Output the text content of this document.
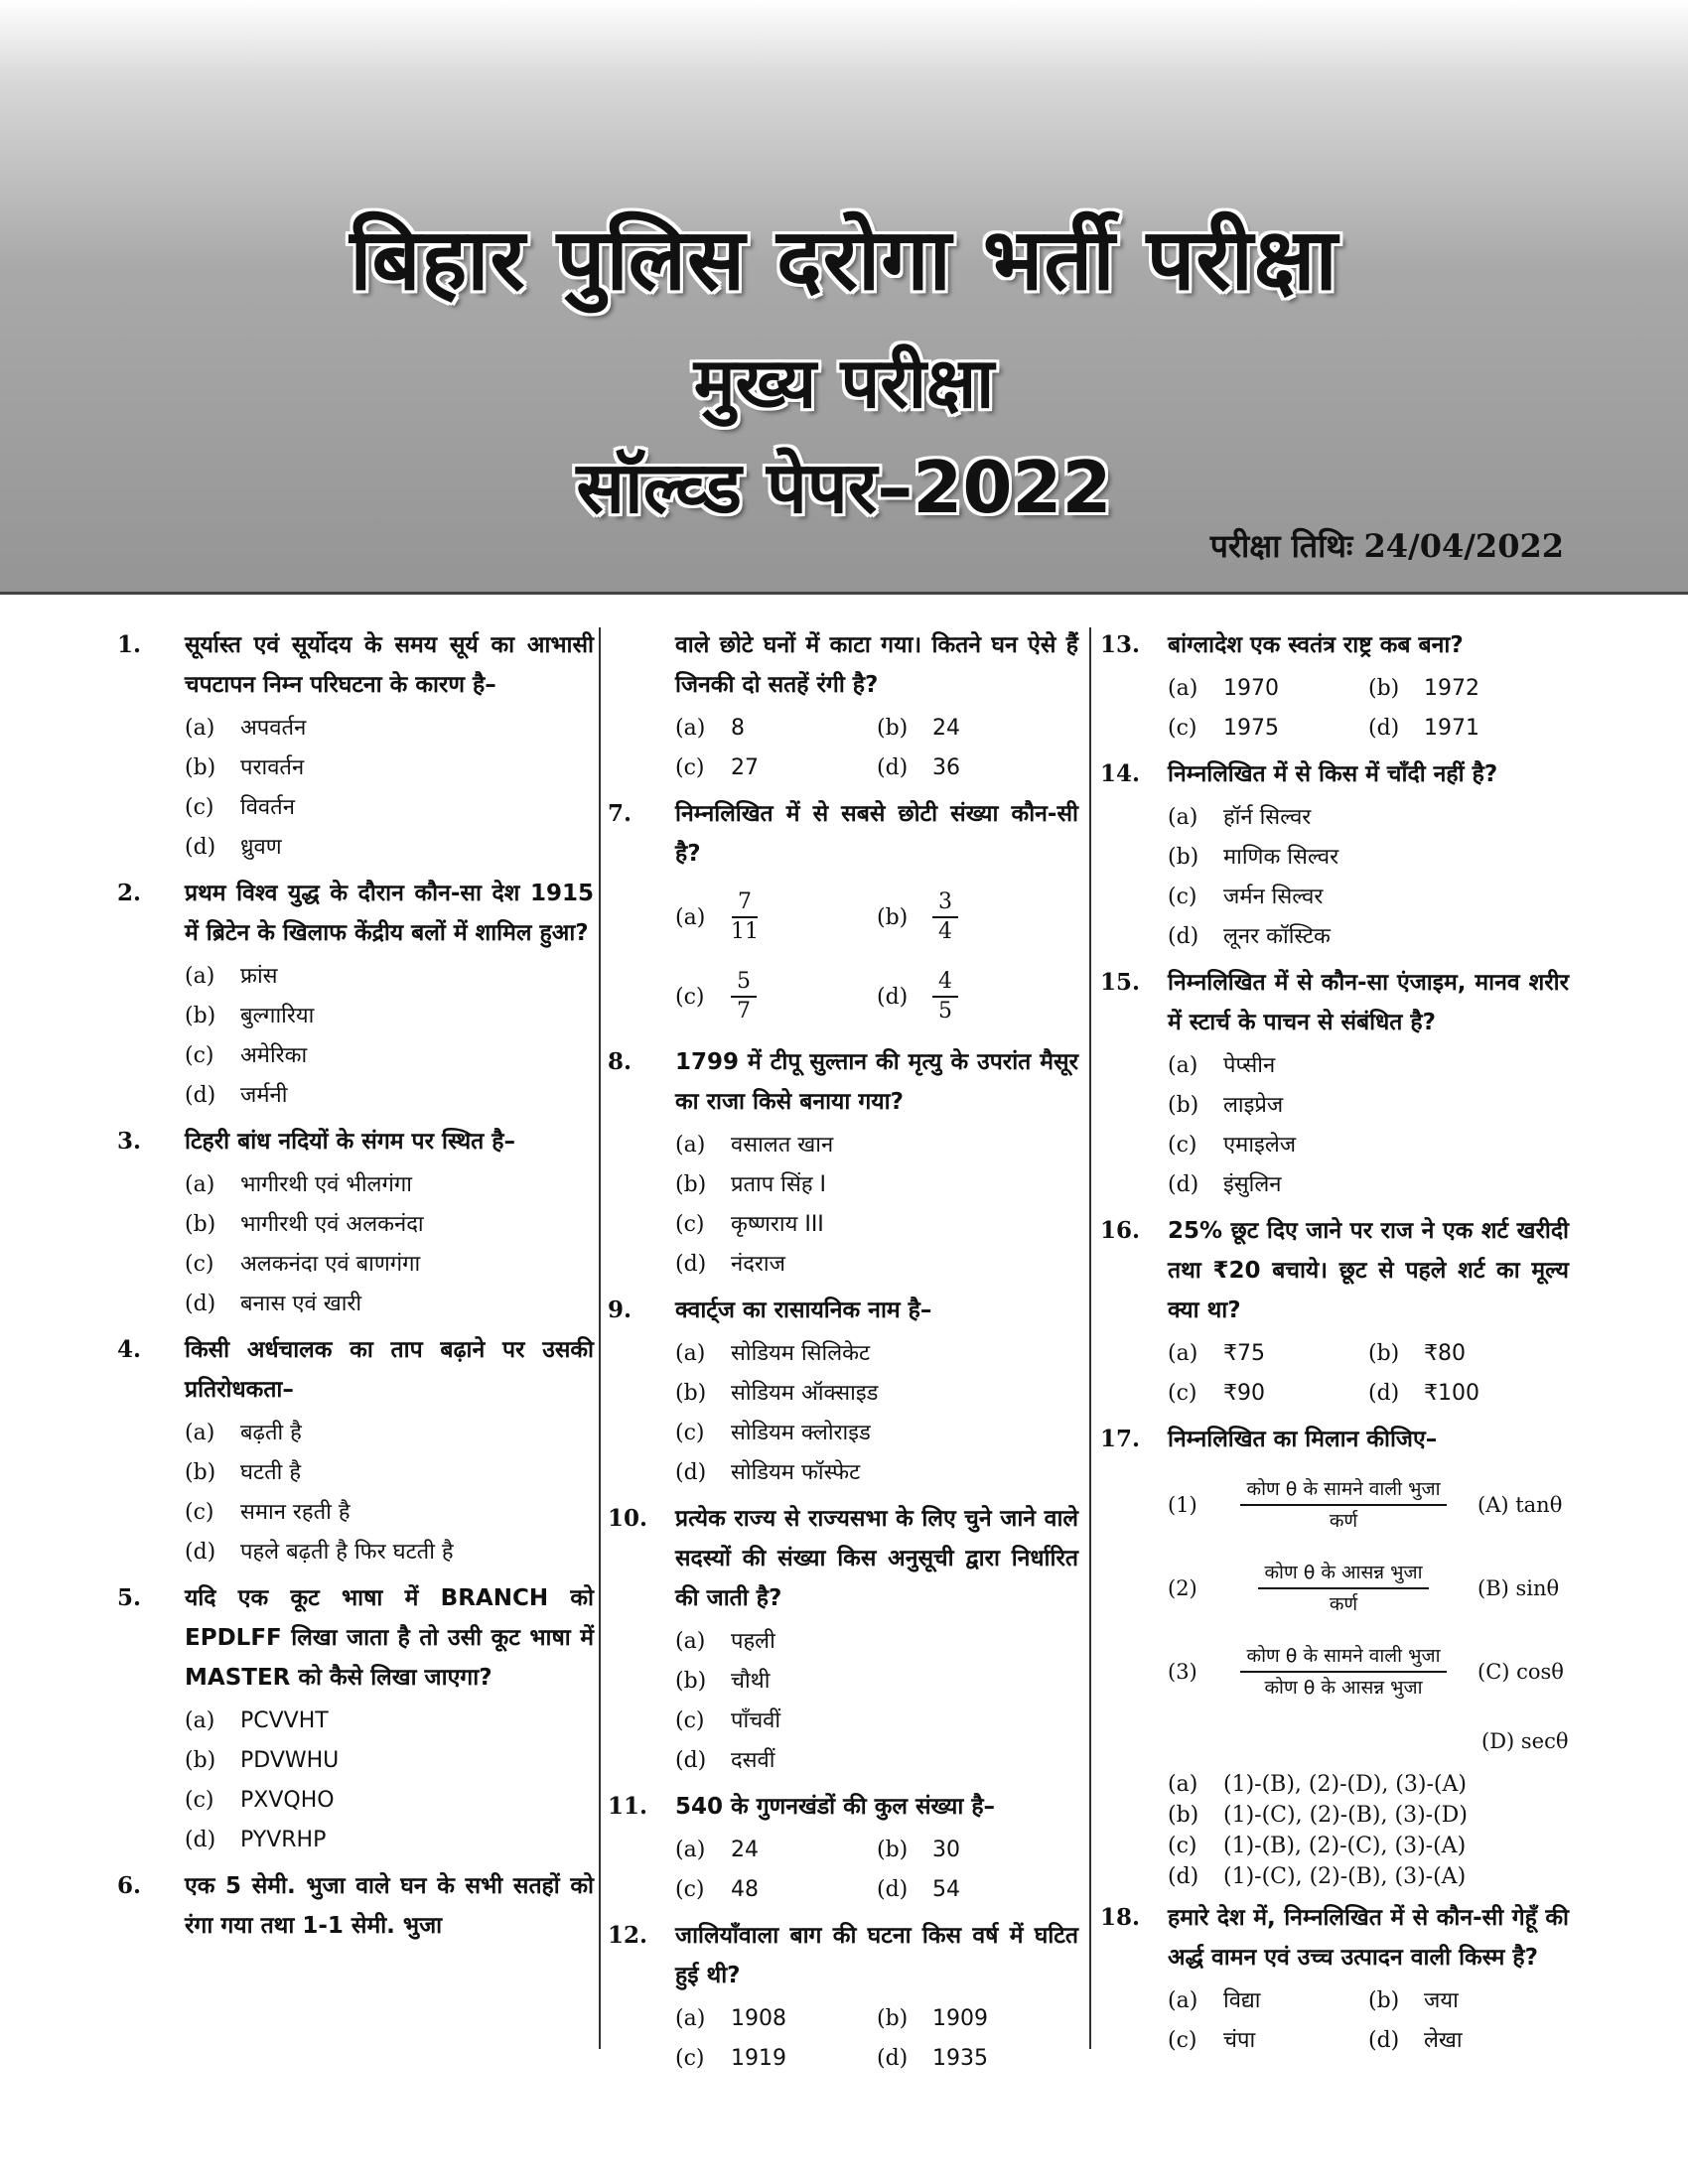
बिहार पुलिस दरोगा भर्ती परीक्षा
मुख्य परीक्षा
सॉल्व्ड पेपर–2022
परीक्षा तिथिः 24/04/2022
1.	सूर्यास्त एवं सूर्योदय के समय सूर्य का आभासी चपटापन निम्न परिघटना के कारण है–
(a)	अपवर्तन
(b)	परावर्तन
(c)	विवर्तन
(d)	ध्रुवण
2.	प्रथम विश्व युद्ध के दौरान कौन-सा देश 1915 में ब्रिटेन के खिलाफ केंद्रीय बलों में शामिल हुआ?
(a)	फ्रांस
(b)	बुल्गारिया
(c)	अमेरिका
(d)	जर्मनी
3.	टिहरी बांध नदियों के संगम पर स्थित है–
(a)	भागीरथी एवं भीलगंगा
(b)	भागीरथी एवं अलकनंदा
(c)	अलकनंदा एवं बाणगंगा
(d)	बनास एवं खारी
4.	किसी अर्धचालक का ताप बढ़ाने पर उसकी प्रतिरोधकता–
(a)	बढ़ती है
(b)	घटती है
(c)	समान रहती है
(d)	पहले बढ़ती है फिर घटती है
5.	यदि एक कूट भाषा में BRANCH को EPDLFF लिखा जाता है तो उसी कूट भाषा में MASTER को कैसे लिखा जाएगा?
(a)	PCVVHT
(b)	PDVWHU
(c)	PXVQHO
(d)	PYVRHP
6.	एक 5 सेमी. भुजा वाले घन के सभी सतहों को रंगा गया तथा 1-1 सेमी. भुजा
वाले छोटे घनों में काटा गया। कितने घन ऐसे हैं जिनकी दो सतहें रंगी है?
(a)	8	(b)	24
(c)	27	(d)	36
7.	निम्नलिखित में से सबसे छोटी संख्या कौन-सी है?
(a)	$\frac{7}{11}$	(b)	$\frac{3}{4}$
(c)	$\frac{5}{7}$	(d)	$\frac{4}{5}$
8.	1799 में टीपू सुल्तान की मृत्यु के उपरांत मैसूर का राजा किसे बनाया गया?
(a)	वसालत खान
(b)	प्रताप सिंह I
(c)	कृष्णराय III
(d)	नंदराज
9.	क्वार्ट्ज का रासायनिक नाम है–
(a)	सोडियम सिलिकेट
(b)	सोडियम ऑक्साइड
(c)	सोडियम क्लोराइड
(d)	सोडियम फॉस्फेट
10.	प्रत्येक राज्य से राज्यसभा के लिए चुने जाने वाले सदस्यों की संख्या किस अनुसूची द्वारा निर्धारित की जाती है?
(a)	पहली
(b)	चौथी
(c)	पाँचवीं
(d)	दसवीं
11.	540 के गुणनखंडों की कुल संख्या है–
(a)	24	(b)	30
(c)	48	(d)	54
12.	जालियाँवाला बाग की घटना किस वर्ष में घटित हुई थी?
(a)	1908	(b)	1909
(c)	1919	(d)	1935
13.	बांग्लादेश एक स्वतंत्र राष्ट्र कब बना?
(a)	1970	(b)	1972
(c)	1975	(d)	1971
14.	निम्नलिखित में से किस में चाँदी नहीं है?
(a)	हॉर्न सिल्वर
(b)	माणिक सिल्वर
(c)	जर्मन सिल्वर
(d)	लूनर कॉस्टिक
15.	निम्नलिखित में से कौन-सा एंजाइम, मानव शरीर में स्टार्च के पाचन से संबंधित है?
(a)	पेप्सीन
(b)	लाइप्रेज
(c)	एमाइलेज
(d)	इंसुलिन
16.	25% छूट दिए जाने पर राज ने एक शर्ट खरीदी तथा ₹20 बचाये। छूट से पहले शर्ट का मूल्य क्या था?
(a)	₹75	(b)	₹80
(c)	₹90	(d)	₹100
17.	निम्नलिखित का मिलान कीजिए–
(1)
कोण θ के सामने वाली भुजा
कर्ण
(A) tanθ
(2)
कोण θ के आसन्न भुजा
कर्ण
(B) sinθ
(3)
कोण θ के सामने वाली भुजा
कोण θ के आसन्न भुजा
(C) cosθ
(D) secθ
(a)	(1)-(B), (2)-(D), (3)-(A)
(b)	(1)-(C), (2)-(B), (3)-(D)
(c)	(1)-(B), (2)-(C), (3)-(A)
(d)	(1)-(C), (2)-(B), (3)-(A)
18.	हमारे देश में, निम्नलिखित में से कौन-सी गेहूँ की अर्द्ध वामन एवं उच्च उत्पादन वाली किस्म है?
(a)	विद्या	(b)	जया
(c)	चंपा	(d)	लेखा
